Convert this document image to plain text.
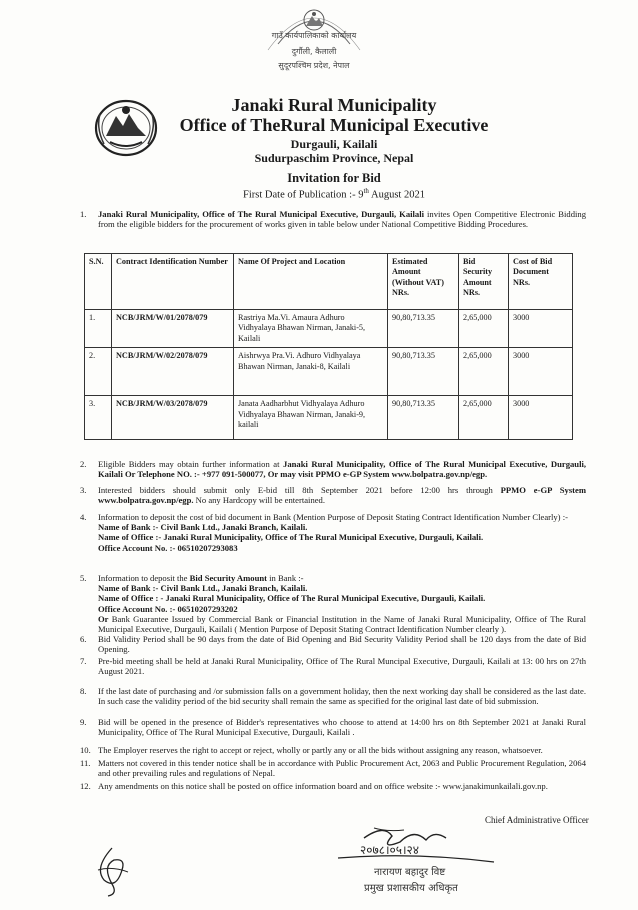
गाउँ कार्यपालिकाको कार्यालय
दुर्गौली, कैलाली
सुदूरपश्चिम प्रदेश, नेपाल
Janaki Rural Municipality
Office of TheRural Municipal Executive
Durgauli, Kailali
Sudurpaschim Province, Nepal
Invitation for Bid
First Date of Publication :- 9th August 2021
1. Janaki Rural Municipality, Office of The Rural Municipal Executive, Durgauli, Kailali invites Open Competitive Electronic Bidding from the eligible bidders for the procurement of works given in table below under National Competitive Bidding Procedures.
S.N.	Contract Identification Number	Name Of Project and Location	Estimated Amount (Without VAT) NRs.	Bid Security Amount NRs.	Cost of Bid Document NRs.
1.	NCB/JRM/W/01/2078/079	Rastriya Ma.Vi. Amaura Adhuro Vidhyalaya Bhawan Nirman, Janaki-5, Kailali	90,80,713.35	2,65,000	3000
2.	NCB/JRM/W/02/2078/079	Aishrwya Pra.Vi. Adhuro Vidhyalaya Bhawan Nirman, Janaki-8, Kailali	90,80,713.35	2,65,000	3000
3.	NCB/JRM/W/03/2078/079	Janata Aadharbhut Vidhyalaya Adhuro Vidhyalaya Bhawan Nirman, Janaki-9, kailali	90,80,713.35	2,65,000	3000
2. Eligible Bidders may obtain further information at Janaki Rural Municipality, Office of The Rural Municipal Executive, Durgauli, Kailali Or Telephone NO. :- +977 091-500077, Or may visit PPMO e-GP System www.bolpatra.gov.np/egp.
3. Interested bidders should submit only E-bid till 8th September 2021 before 12:00 hrs through PPMO e-GP System www.bolpatra.gov.np/egp. No any Hardcopy will be entertained.
4. Information to deposit the cost of bid document in Bank (Mention Purpose of Deposit Stating Contract Identification Number Clearly) :-
Name of Bank :- Civil Bank Ltd., Janaki Branch, Kailali.
Name of Office :- Janaki Rural Municipality, Office of The Rural Municipal Executive, Durgauli, Kailali.
Office Account No. :- 06510207293083
5. Information to deposit the Bid Security Amount in Bank :-
Name of Bank :- Civil Bank Ltd., Janaki Branch, Kailali.
Name of Office : - Janaki Rural Municipality, Office of The Rural Municipal Executive, Durgauli, Kailali.
Office Account No. :- 06510207293202
Or Bank Guarantee Issued by Commercial Bank or Financial Institution in the Name of Janaki Rural Municipality, Office of The Rural Municipal Executive, Durgauli, Kailali ( Mention Purpose of Deposit Stating Contract Identification Number clearly ).
6. Bid Validity Period shall be 90 days from the date of Bid Opening and Bid Security Validity Period shall be 120 days from the date of Bid Opening.
7. Pre-bid meeting shall be held at Janaki Rural Municipality, Office of The Rural Muncipal Executive, Durgauli, Kailali at 13: 00 hrs on 27th August 2021.
8. If the last date of purchasing and /or submission falls on a government holiday, then the next working day shall be considered as the last date. In such case the validity period of the bid security shall remain the same as specified for the original last date of bid submission.
9. Bid will be opened in the presence of Bidder's representatives who choose to attend at 14:00 hrs on 8th September 2021 at Janaki Rural Municipality, Office of The Rural Municipal Executive, Durgauli, Kailali .
10. The Employer reserves the right to accept or reject, wholly or partly any or all the bids without assigning any reason, whatsoever.
11. Matters not covered in this tender notice shall be in accordance with Public Procurement Act, 2063 and Public Procurement Regulation, 2064 and other prevailing rules and regulations of Nepal.
12. Any amendments on this notice shall be posted on office information board and on office website :- www.janakimunkailali.gov.np.
Chief Administrative Officer
२०७८।०५।२४
नारायण बहादुर विष्ट
प्रमुख प्रशासकीय अधिकृत
